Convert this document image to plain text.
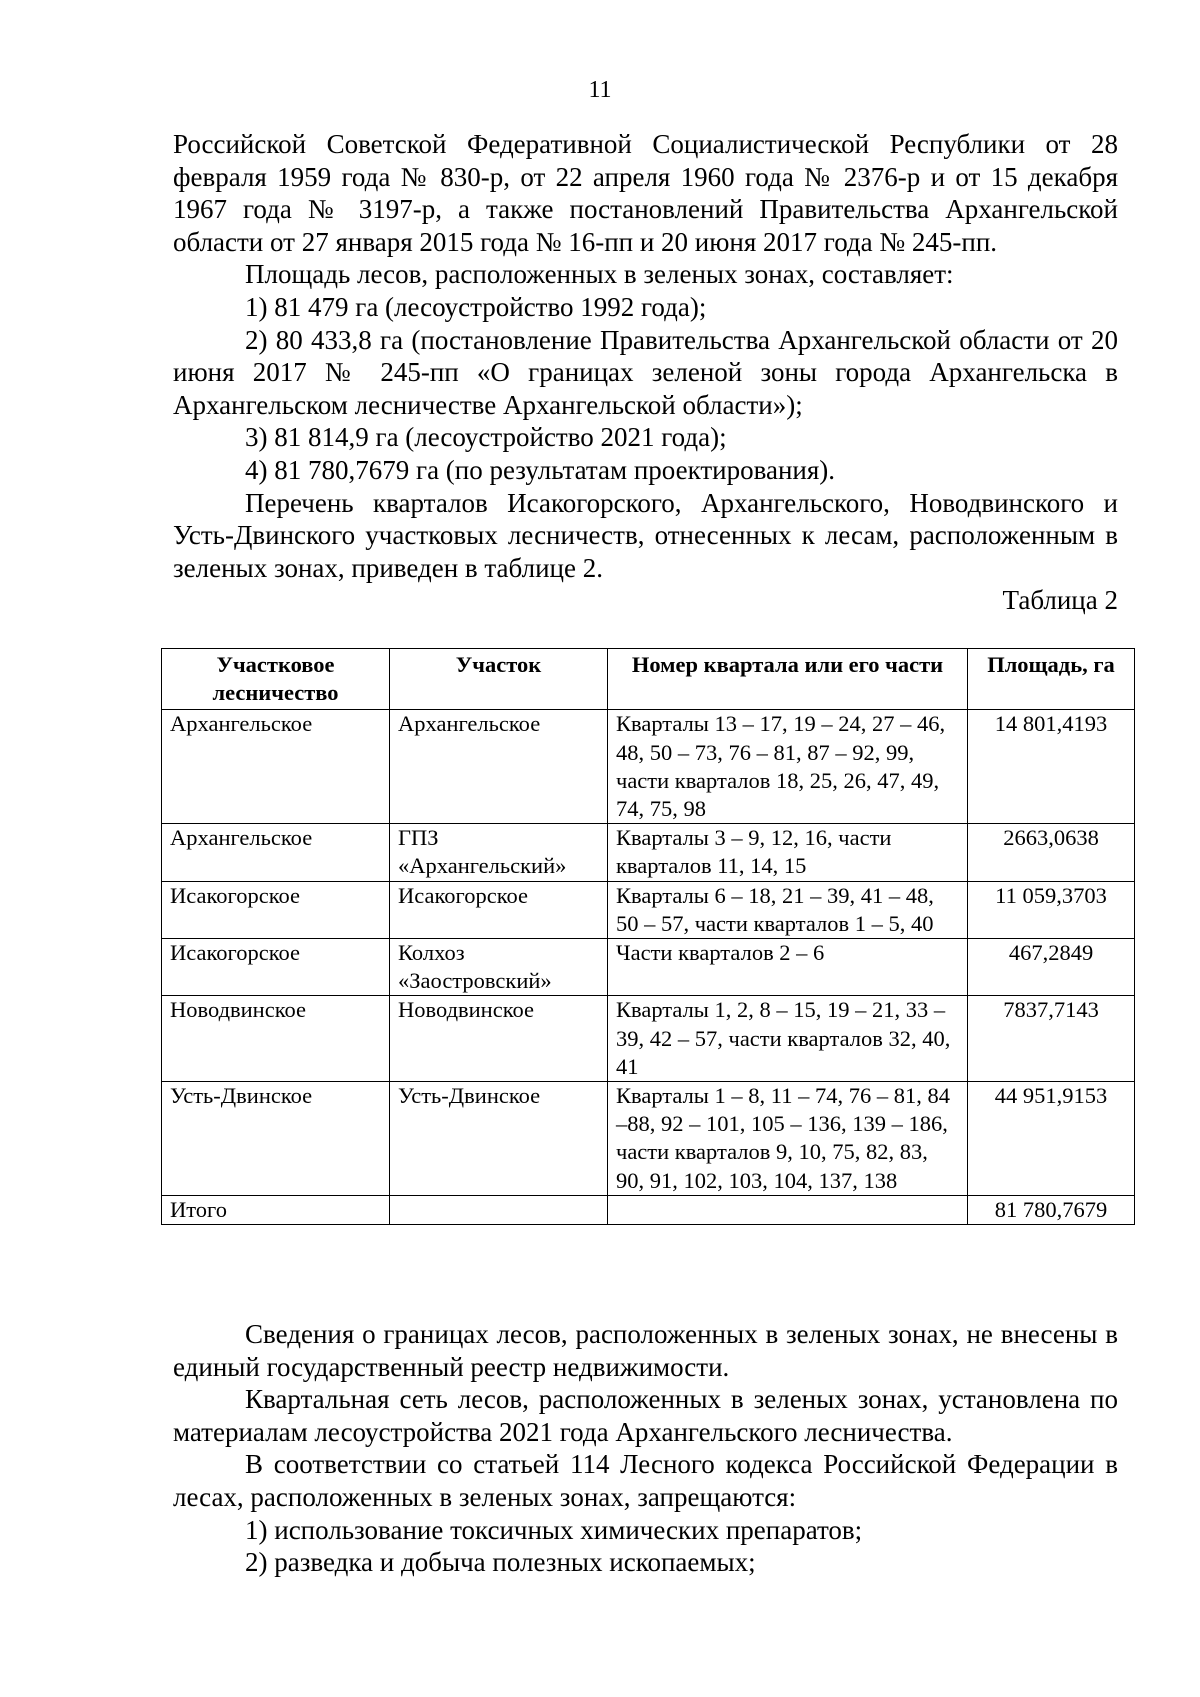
11

Российской Советской Федеративной Социалистической Республики от 28 февраля 1959 года № 830-р, от 22 апреля 1960 года № 2376-р и от 15 декабря 1967 года № 3197-р, а также постановлений Правительства Архангельской области от 27 января 2015 года № 16-пп и 20 июня 2017 года № 245-пп.

Площадь лесов, расположенных в зеленых зонах, составляет:

1) 81 479 га (лесоустройство 1992 года);

2) 80 433,8 га (постановление Правительства Архангельской области от 20 июня 2017 № 245-пп «О границах зеленой зоны города Архангельска в Архангельском лесничестве Архангельской области»);

3) 81 814,9 га (лесоустройство 2021 года);

4) 81 780,7679 га (по результатам проектирования).

Перечень кварталов Исакогорского, Архангельского, Новодвинского и Усть-Двинского участковых лесничеств, отнесенных к лесам, расположенным в зеленых зонах, приведен в таблице 2.

Таблица 2

Участковое лесничество	Участок	Номер квартала или его части	Площадь, га
Архангельское	Архангельское	Кварталы 13 – 17, 19 – 24, 27 – 46, 48, 50 – 73, 76 – 81, 87 – 92, 99, части кварталов 18, 25, 26, 47, 49, 74, 75, 98	14 801,4193
Архангельское	ГПЗ «Архангельский»	Кварталы 3 – 9, 12, 16, части кварталов 11, 14, 15	2663,0638
Исакогорское	Исакогорское	Кварталы 6 – 18, 21 – 39, 41 – 48, 50 – 57, части кварталов 1 – 5, 40	11 059,3703
Исакогорское	Колхоз «Заостровский»	Части кварталов 2 – 6	467,2849
Новодвинское	Новодвинское	Кварталы 1, 2, 8 – 15, 19 – 21, 33 – 39, 42 – 57, части кварталов 32, 40, 41	7837,7143
Усть-Двинское	Усть-Двинское	Кварталы 1 – 8, 11 – 74, 76 – 81, 84 –88, 92 – 101, 105 – 136, 139 – 186, части кварталов 9, 10, 75, 82, 83, 90, 91, 102, 103, 104, 137, 138	44 951,9153
Итого			81 780,7679

Сведения о границах лесов, расположенных в зеленых зонах, не внесены в единый государственный реестр недвижимости.

Квартальная сеть лесов, расположенных в зеленых зонах, установлена по материалам лесоустройства 2021 года Архангельского лесничества.

В соответствии со статьей 114 Лесного кодекса Российской Федерации в лесах, расположенных в зеленых зонах, запрещаются:

1) использование токсичных химических препаратов;

2) разведка и добыча полезных ископаемых;
